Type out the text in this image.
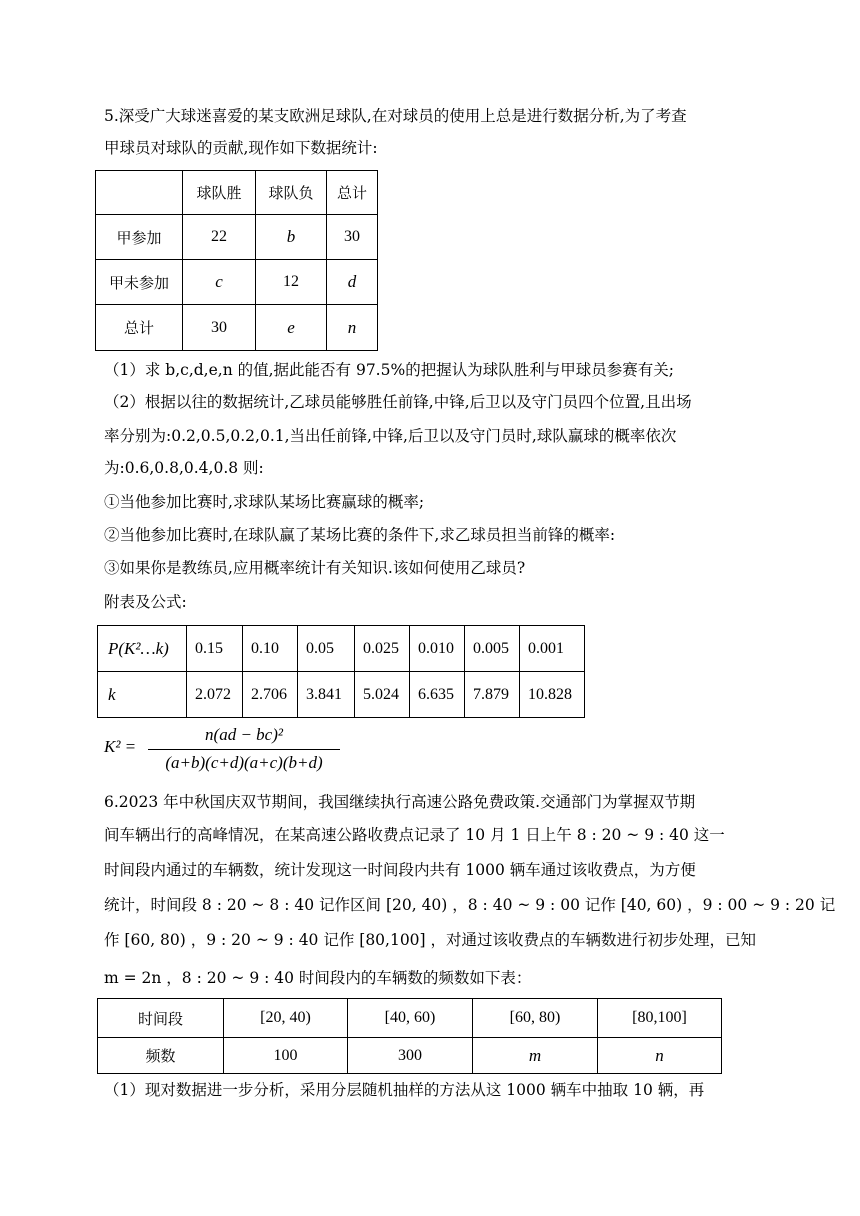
5.深受广大球迷喜爱的某支欧洲足球队,在对球员的使用上总是进行数据分析,为了考查
甲球员对球队的贡献,现作如下数据统计:
	球队胜	球队负	总计
甲参加	22	b	30
甲未参加	c	12	d
总计	30	e	n
（1）求 b,c,d,e,n 的值,据此能否有 97.5%的把握认为球队胜利与甲球员参赛有关;
（2）根据以往的数据统计,乙球员能够胜任前锋,中锋,后卫以及守门员四个位置,且出场
率分别为:0.2,0.5,0.2,0.1,当出任前锋,中锋,后卫以及守门员时,球队赢球的概率依次
为:0.6,0.8,0.4,0.8 则:
①当他参加比赛时,求球队某场比赛赢球的概率;
②当他参加比赛时,在球队赢了某场比赛的条件下,求乙球员担当前锋的概率:
③如果你是教练员,应用概率统计有关知识.该如何使用乙球员?
附表及公式:
P(K²…k)	0.15	0.10	0.05	0.025	0.010	0.005	0.001
k	2.072	2.706	3.841	5.024	6.635	7.879	10.828
K² =
n(ad − bc)²
(a+b)(c+d)(a+c)(b+d)
6.2023 年中秋国庆双节期间，我国继续执行高速公路免费政策.交通部门为掌握双节期
间车辆出行的高峰情况，在某高速公路收费点记录了 10 月 1 日上午 8 : 20 ~ 9 : 40 这一
时间段内通过的车辆数，统计发现这一时间段内共有 1000 辆车通过该收费点，为方便
统计，时间段 8 : 20 ~ 8 : 40 记作区间 [20, 40) ，8 : 40 ~ 9 : 00 记作 [40, 60) ，9 : 00 ~ 9 : 20 记
作 [60, 80) ，9 : 20 ~ 9 : 40 记作 [80,100] ，对通过该收费点的车辆数进行初步处理，已知
m = 2n ，8 : 20 ~ 9 : 40 时间段内的车辆数的频数如下表：
时间段	[20, 40)	[40, 60)	[60, 80)	[80,100]
频数	100	300	m	n
（1）现对数据进一步分析，采用分层随机抽样的方法从这 1000 辆车中抽取 10 辆，再
